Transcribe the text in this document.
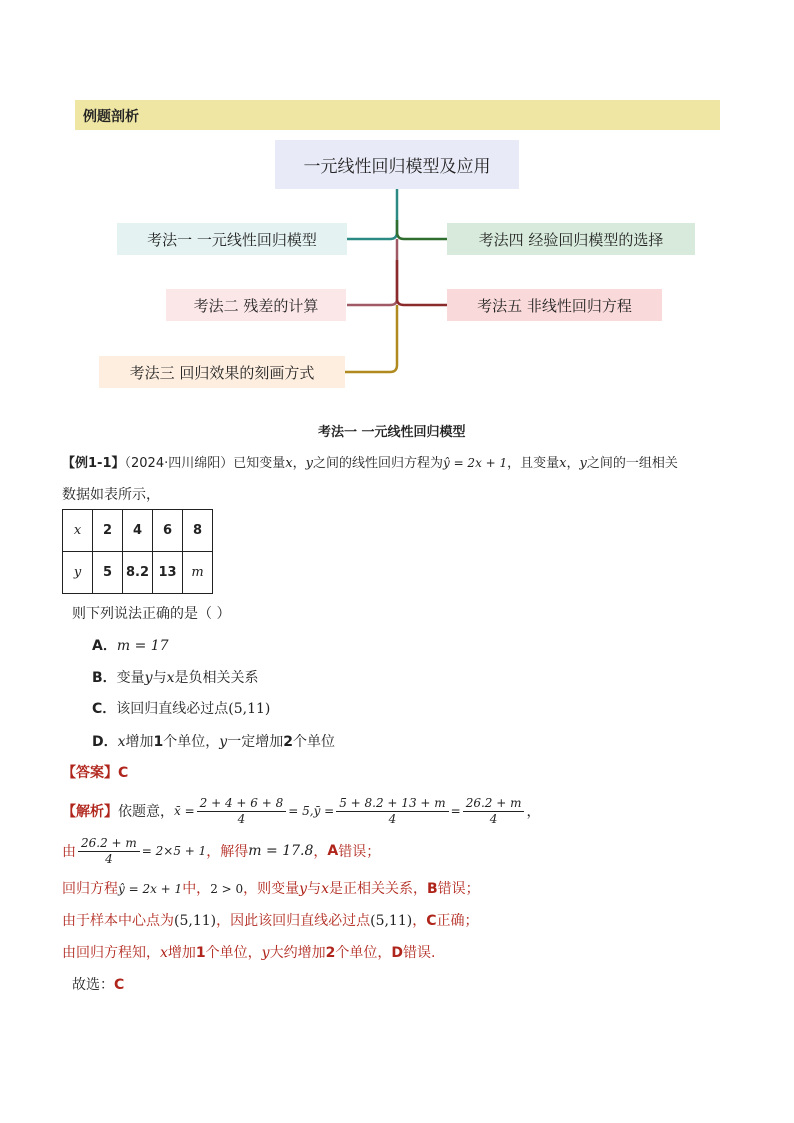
例题剖析
一元线性回归模型及应用
考法一 一元线性回归模型
考法二 残差的计算
考法三 回归效果的刻画方式
考法四 经验回归模型的选择
考法五 非线性回归方程
考法一 一元线性回归模型
【例1-1】（2024·四川绵阳）已知变量x，y之间的线性回归方程为ŷ = 2x + 1，且变量x，y之间的一组相关
数据如表所示，
x	2	4	6	8
y	5	8.2	13	m
则下列说法正确的是（ ）
A．m = 17
B．变量y与x是负相关关系
C．该回归直线必过点(5,11)
D．x增加1个单位，y一定增加2个单位
【答案】C
【解析】 依题意， x̄ = $\frac{2 + 4 + 6 + 8}{4} = 5$, ȳ = $\frac{5 + 8.2 + 13 + m}{4} = \frac{26.2 + m}{4}$ ，
由 $\frac{26.2 + m}{4} = 2\times 5 + 1$ ，解得 m = 17.8 ， A 错误；
回归方程ŷ = 2x + 1中，2 > 0，则变量y与x是正相关关系，B错误；
由于样本中心点为(5,11)，因此该回归直线必过点(5,11)，C正确；
由回归方程知，x增加1个单位，y大约增加2个单位，D错误.
故选：C
